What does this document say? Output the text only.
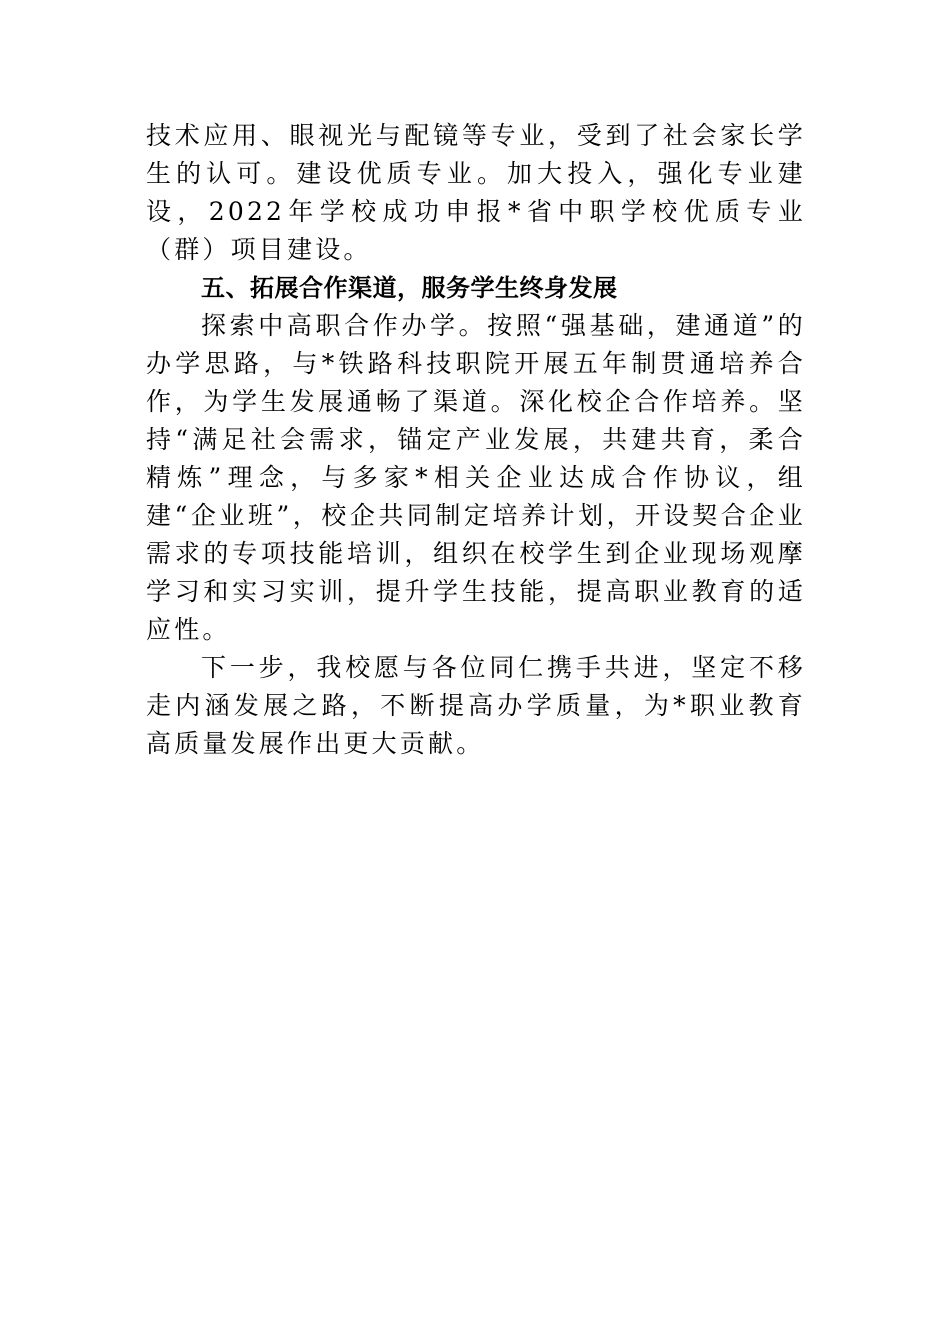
技术应用、眼视光与配镜等专业，受到了社会家长学生的认可。建设优质专业。加大投入，强化专业建设，2022年学校成功申报*省中职学校优质专业（群）项目建设。

五、拓展合作渠道，服务学生终身发展

探索中高职合作办学。按照“强基础，建通道”的办学思路，与*铁路科技职院开展五年制贯通培养合作，为学生发展通畅了渠道。深化校企合作培养。坚持“满足社会需求，锚定产业发展，共建共育，柔合精炼”理念，与多家*相关企业达成合作协议，组建“企业班”，校企共同制定培养计划，开设契合企业需求的专项技能培训，组织在校学生到企业现场观摩学习和实习实训，提升学生技能，提高职业教育的适应性。

下一步，我校愿与各位同仁携手共进，坚定不移走内涵发展之路，不断提高办学质量，为*职业教育高质量发展作出更大贡献。
